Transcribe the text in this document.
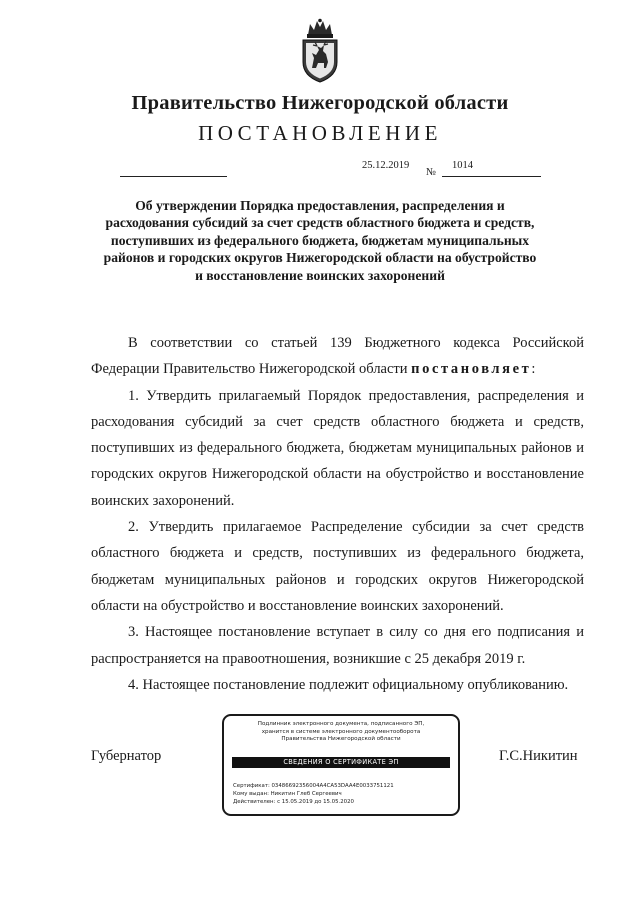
Правительство Нижегородской области
ПОСТАНОВЛЕНИЕ
25.12.2019
№
1014
Об утверждении Порядка предоставления, распределения и расходования субсидий за счет средств областного бюджета и средств, поступивших из федерального бюджета, бюджетам муниципальных районов и городских округов Нижегородской области на обустройство и восстановление воинских захоронений

В соответствии со статьей 139 Бюджетного кодекса Российской Федерации Правительство Нижегородской области постановляет:

1. Утвердить прилагаемый Порядок предоставления, распределения и расходования субсидий за счет средств областного бюджета и средств, поступивших из федерального бюджета, бюджетам муниципальных районов и городских округов Нижегородской области на обустройство и восстановление воинских захоронений.

2. Утвердить прилагаемое Распределение субсидии за счет средств областного бюджета и средств, поступивших из федерального бюджета, бюджетам муниципальных районов и городских округов Нижегородской области на обустройство и восстановление воинских захоронений.

3. Настоящее постановление вступает в силу со дня его подписания и распространяется на правоотношения, возникшие с 25 декабря 2019 г.

4. Настоящее постановление подлежит официальному опубликованию.

Губернатор	Г.С.Никитин
Подлинник электронного документа, подписанного ЭП,
хранится в системе электронного документооборота
Правительства Нижегородской области
СВЕДЕНИЯ О СЕРТИФИКАТЕ ЭП
Сертификат: 03486692356004A4CA53DAA4E0033751121
Кому выдан: Никитин Глеб Сергеевич
Действителен: с 15.05.2019 до 15.05.2020
